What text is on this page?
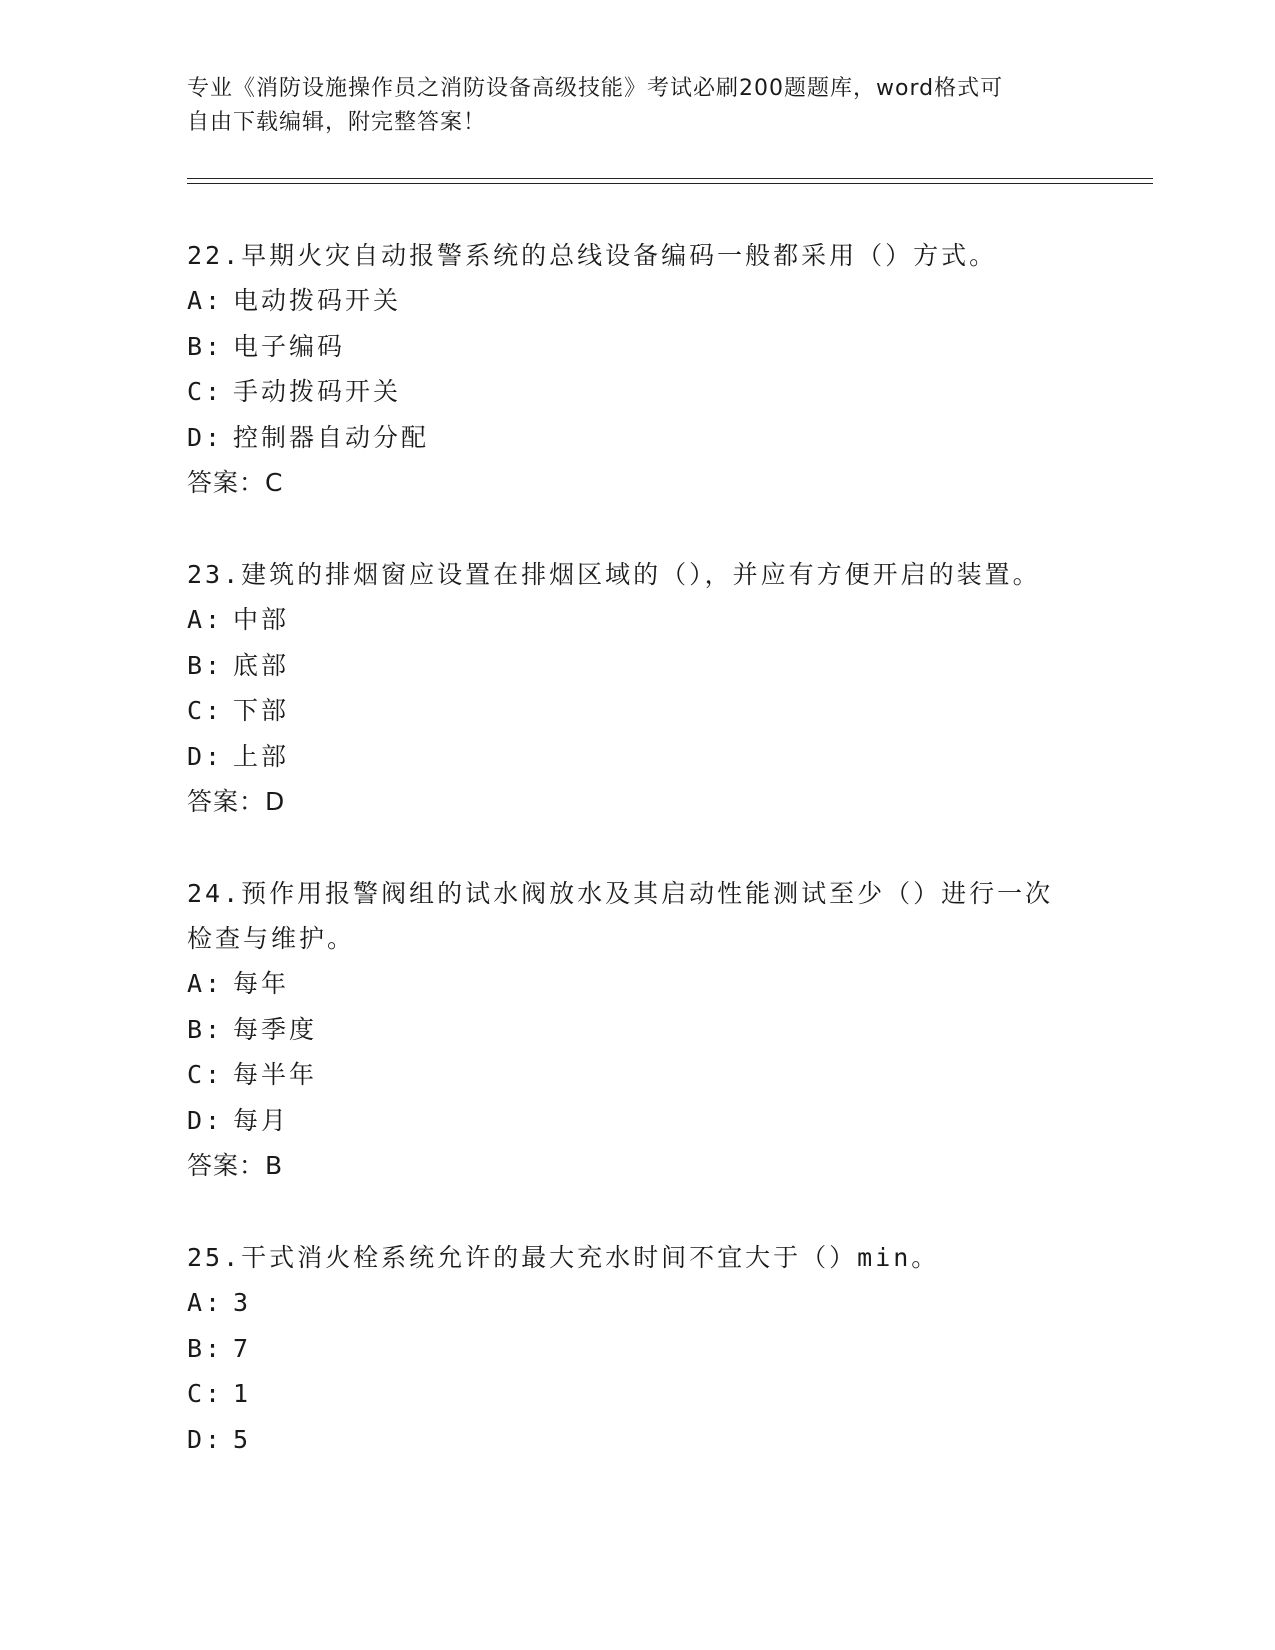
专业《消防设施操作员之消防设备高级技能》考试必刷200题题库，word格式可
自由下载编辑，附完整答案！

22.早期火灾自动报警系统的总线设备编码一般都采用（）方式。

A: 电动拨码开关

B: 电子编码

C: 手动拨码开关

D: 控制器自动分配

答案：C

23.建筑的排烟窗应设置在排烟区域的（），并应有方便开启的装置。

A: 中部

B: 底部

C: 下部

D: 上部

答案：D

24.预作用报警阀组的试水阀放水及其启动性能测试至少（）进行一次

检查与维护。

A: 每年

B: 每季度

C: 每半年

D: 每月

答案：B

25.干式消火栓系统允许的最大充水时间不宜大于（）min。

A: 3

B: 7

C: 1

D: 5
